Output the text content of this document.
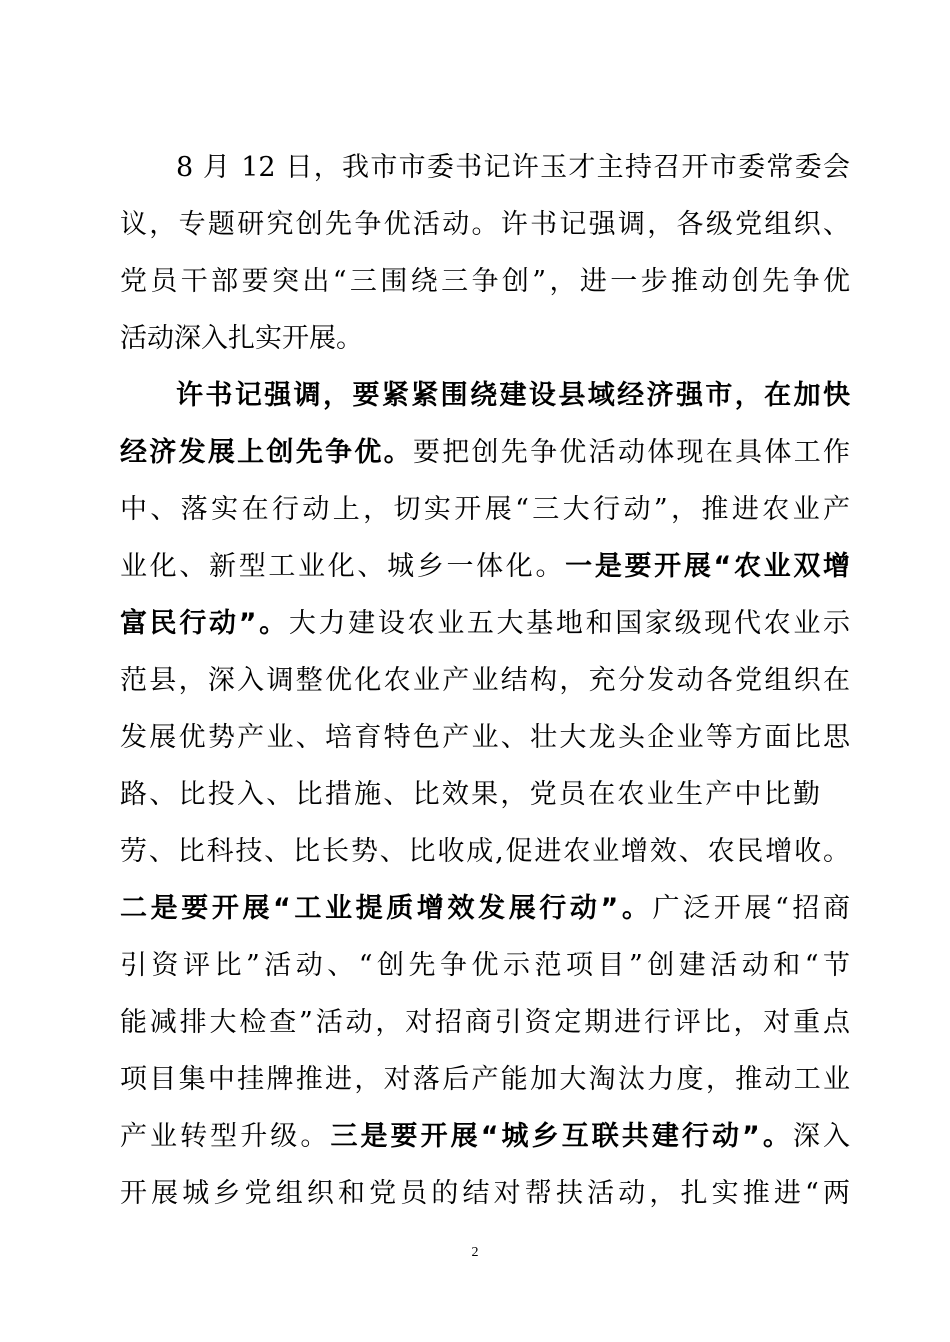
8 月 12 日，我市市委书记许玉才主持召开市委常委会
议，专题研究创先争优活动。许书记强调，各级党组织、
党员干部要突出“三围绕三争创”，进一步推动创先争优
活动深入扎实开展。
许书记强调，要紧紧围绕建设县域经济强市，在加快
经济发展上创先争优。要把创先争优活动体现在具体工作
中、落实在行动上，切实开展“三大行动”，推进农业产
业化、新型工业化、城乡一体化。一是要开展“农业双增
富民行动”。大力建设农业五大基地和国家级现代农业示
范县，深入调整优化农业产业结构，充分发动各党组织在
发展优势产业、培育特色产业、壮大龙头企业等方面比思
路、比投入、比措施、比效果，党员在农业生产中比勤
劳、比科技、比长势、比收成,促进农业增效、农民增收。
二是要开展“工业提质增效发展行动”。广泛开展“招商
引资评比”活动、“创先争优示范项目”创建活动和“节
能减排大检查”活动，对招商引资定期进行评比，对重点
项目集中挂牌推进，对落后产能加大淘汰力度，推动工业
产业转型升级。三是要开展“城乡互联共建行动”。深入
开展城乡党组织和党员的结对帮扶活动，扎实推进“两
2
